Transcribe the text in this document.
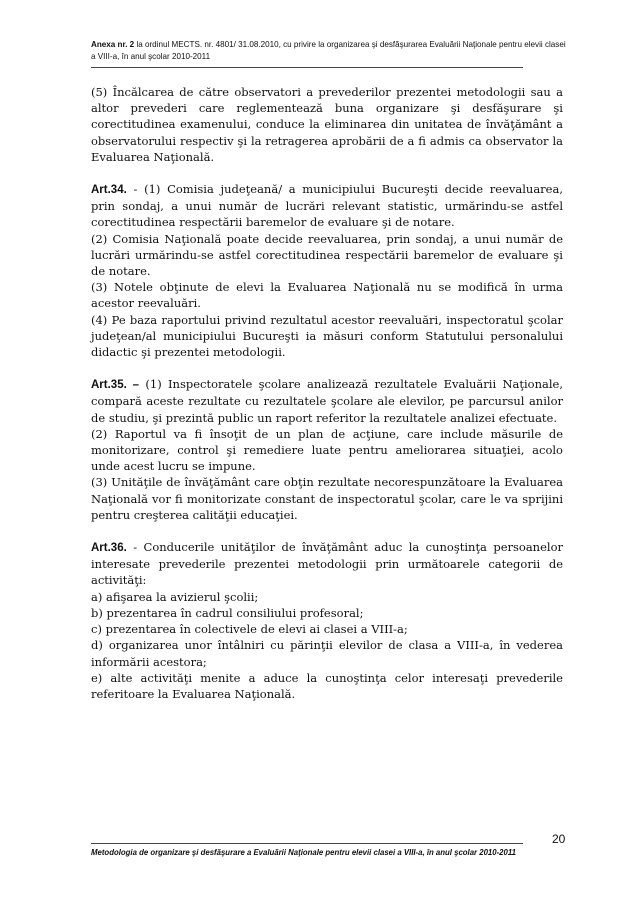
Anexa nr. 2 la ordinul MECTS. nr. 4801/ 31.08.2010, cu privire la organizarea şi desfăşurarea Evaluării Naţionale pentru elevii clasei a VIII-a, în anul şcolar 2010-2011

(5) Încălcarea de către observatori a prevederilor prezentei metodologii sau a altor prevederi care reglementează buna organizare şi desfăşurare şi corectitudinea examenului, conduce la eliminarea din unitatea de învăţământ a observatorului respectiv şi la retragerea aprobării de a fi admis ca observator la Evaluarea Naţională.

Art.34. - (1) Comisia judeţeană/ a municipiului Bucureşti decide reevaluarea, prin sondaj, a unui număr de lucrări relevant statistic, urmărindu-se astfel corectitudinea respectării baremelor de evaluare şi de notare.

(2) Comisia Naţională poate decide reevaluarea, prin sondaj, a unui număr de lucrări urmărindu-se astfel corectitudinea respectării baremelor de evaluare şi de notare.

(3) Notele obţinute de elevi la Evaluarea Naţională nu se modifică în urma acestor reevaluări.

(4) Pe baza raportului privind rezultatul acestor reevaluări, inspectoratul şcolar judeţean/al municipiului Bucureşti ia măsuri conform Statutului personalului didactic şi prezentei metodologii.

Art.35. – (1) Inspectoratele şcolare analizează rezultatele Evaluării Naţionale, compară aceste rezultate cu rezultatele şcolare ale elevilor, pe parcursul anilor de studiu, şi prezintă public un raport referitor la rezultatele analizei efectuate.

(2) Raportul va fi însoţit de un plan de acţiune, care include măsurile de monitorizare, control şi remediere luate pentru ameliorarea situaţiei, acolo unde acest lucru se impune.

(3) Unităţile de învăţământ care obţin rezultate necorespunzătoare la Evaluarea Naţională vor fi monitorizate constant de inspectoratul şcolar, care le va sprijini pentru creşterea calităţii educaţiei.

Art.36. - Conducerile unităţilor de învăţământ aduc la cunoştinţa persoanelor interesate prevederile prezentei metodologii prin următoarele categorii de activităţi:

a) afişarea la avizierul şcolii;

b) prezentarea în cadrul consiliului profesoral;

c) prezentarea în colectivele de elevi ai clasei a VIII-a;

d) organizarea unor întâlniri cu părinţii elevilor de clasa a VIII-a, în vederea informării acestora;

e) alte activităţi menite a aduce la cunoştinţa celor interesaţi prevederile referitoare la Evaluarea Naţională.

Metodologia de organizare şi desfăşurare a Evaluării Naţionale pentru elevii clasei a VIII-a, în anul şcolar 2010-2011
20
